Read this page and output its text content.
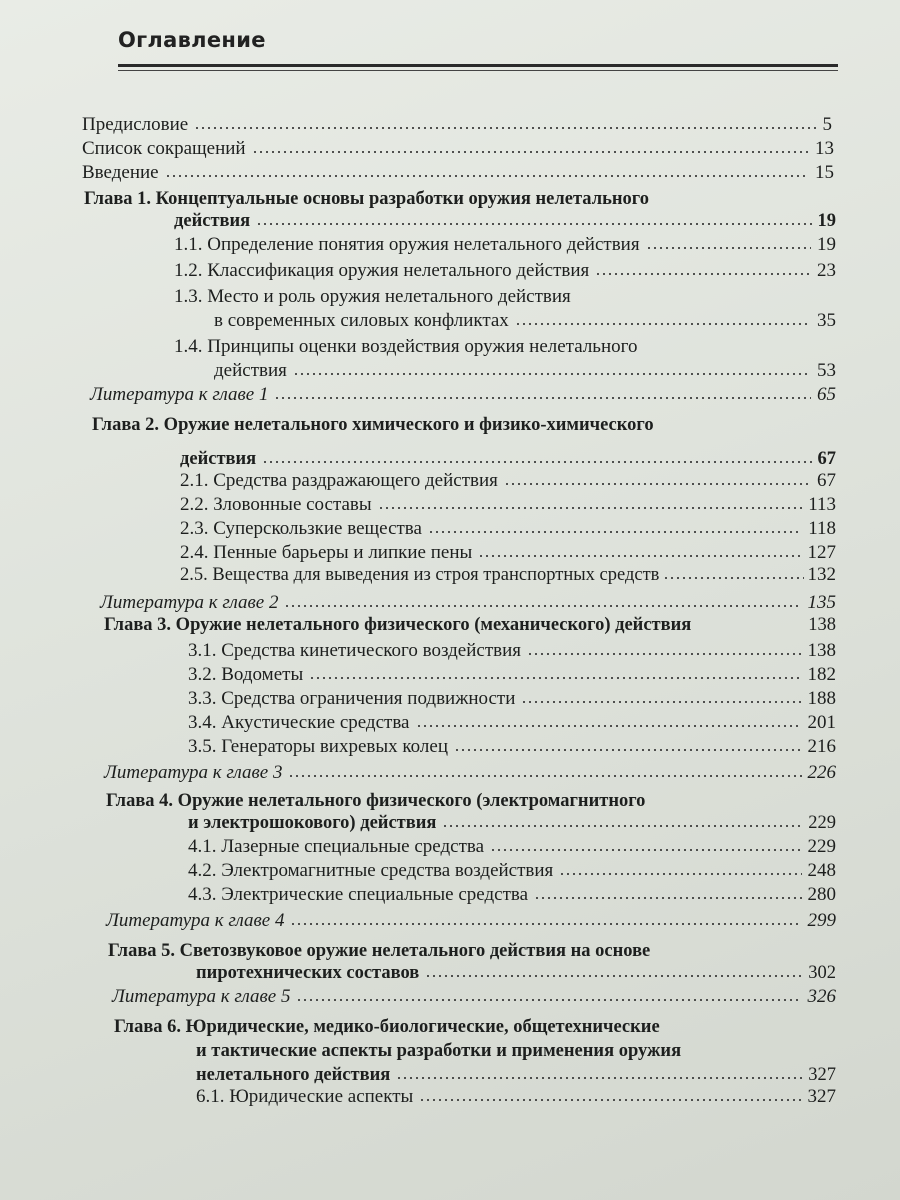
Оглавление
Предисловие	5
Список сокращений	13
Введение	15
Глава 1. Концептуальные основы разработки оружия нелетального
действия	19
1.1. Определение понятия оружия нелетального действия	19
1.2. Классификация оружия нелетального действия	23
1.3. Место и роль оружия нелетального действия
в современных силовых конфликтах	35
1.4. Принципы оценки воздействия оружия нелетального
действия	53
Литература к главе 1	65
Глава 2. Оружие нелетального химического и физико-химического
действия	67
2.1. Средства раздражающего действия	67
2.2. Зловонные составы	113
2.3. Суперскользкие вещества	118
2.4. Пенные барьеры и липкие пены	127
2.5. Вещества для выведения из строя транспортных средств	132
Литература к главе 2	135
Глава 3. Оружие нелетального физического (механического) действия	138
3.1. Средства кинетического воздействия	138
3.2. Водометы	182
3.3. Средства ограничения подвижности	188
3.4. Акустические средства	201
3.5. Генераторы вихревых колец	216
Литература к главе 3	226
Глава 4. Оружие нелетального физического (электромагнитного
и электрошокового) действия	229
4.1. Лазерные специальные средства	229
4.2. Электромагнитные средства воздействия	248
4.3. Электрические специальные средства	280
Литература к главе 4	299
Глава 5. Светозвуковое оружие нелетального действия на основе
пиротехнических составов	302
Литература к главе 5	326
Глава 6. Юридические, медико-биологические, общетехнические
и тактические аспекты разработки и применения оружия
нелетального действия	327
6.1. Юридические аспекты	327
